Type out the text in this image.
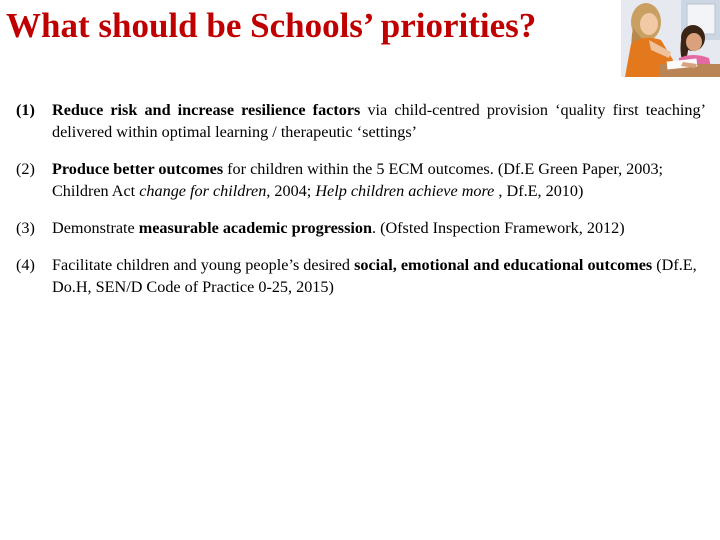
What should be Schools’ priorities?
(1) Reduce risk and increase resilience factors via child-centred provision ‘quality first teaching’ delivered within optimal learning / therapeutic ‘settings’
(2) Produce better outcomes for children within the 5 ECM outcomes. (Df.E Green Paper, 2003; Children Act change for children, 2004; Help children achieve more , Df.E, 2010)
(3) Demonstrate measurable academic progression. (Ofsted Inspection Framework, 2012)
(4) Facilitate children and young people’s desired social, emotional and educational outcomes (Df.E, Do.H, SEN/D Code of Practice 0-25, 2015)
